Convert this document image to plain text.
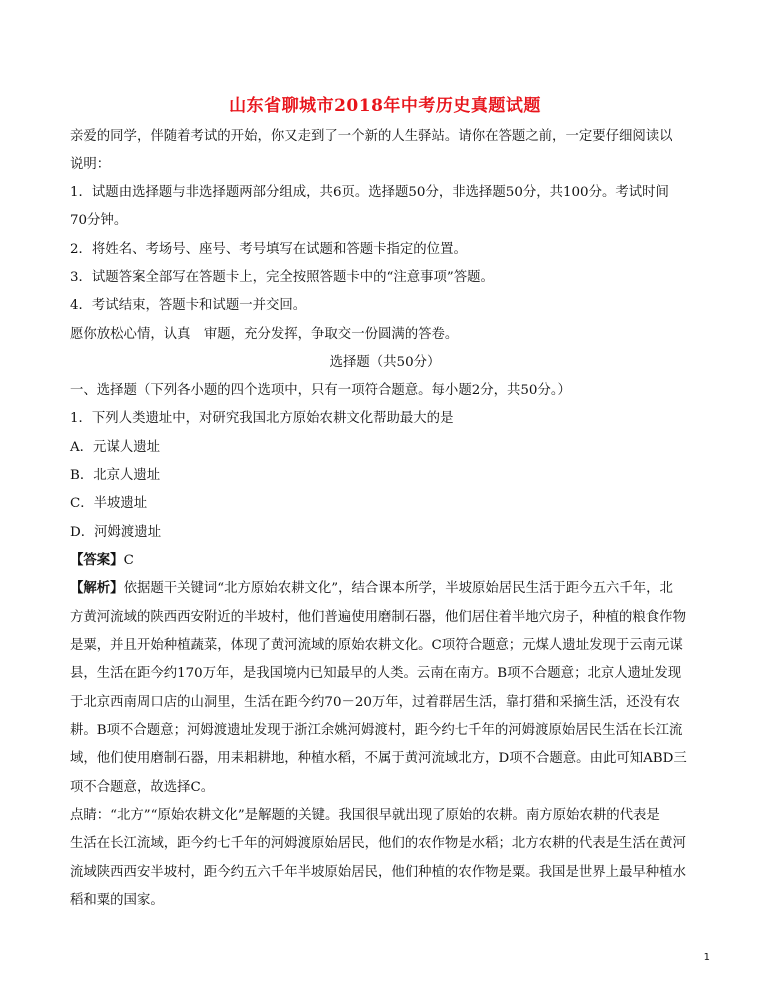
山东省聊城市2018年中考历史真题试题
亲爱的同学，伴随着考试的开始，你又走到了一个新的人生驿站。请你在答题之前，一定要仔细阅读以
说明：
1．试题由选择题与非选择题两部分组成，共6页。选择题50分，非选择题50分，共100分。考试时间
70分钟。
2．将姓名、考场号、座号、考号填写在试题和答题卡指定的位置。
3．试题答案全部写在答题卡上，完全按照答题卡中的“注意事项”答题。
4．考试结束，答题卡和试题一并交回。
愿你放松心情，认真　审题，充分发挥，争取交一份圆满的答卷。
选择题（共50分）
一、选择题（下列各小题的四个选项中，只有一项符合题意。每小题2分，共50分。）
1．下列人类遗址中，对研究我国北方原始农耕文化帮助最大的是
A．元谋人遗址
B．北京人遗址
C．半坡遗址
D．河姆渡遗址
【答案】C
【解析】依据题干关键词“北方原始农耕文化”，结合课本所学，半坡原始居民生活于距今五六千年，北
方黄河流域的陕西西安附近的半坡村，他们普遍使用磨制石器，他们居住着半地穴房子，种植的粮食作物
是粟，并且开始种植蔬菜，体现了黄河流域的原始农耕文化。C项符合题意；元煤人遗址发现于云南元谋
县，生活在距今约170万年，是我国境内已知最早的人类。云南在南方。B项不合题意；北京人遗址发现
于北京西南周口店的山洞里，生活在距今约70－20万年，过着群居生活，靠打猎和采摘生活，还没有农
耕。B项不合题意；河姆渡遗址发现于浙江余姚河姆渡村，距今约七千年的河姆渡原始居民生活在长江流
域，他们使用磨制石器，用耒耜耕地，种植水稻，不属于黄河流域北方，D项不合题意。由此可知ABD三
项不合题意，故选择C。
点睛：“北方”“原始农耕文化”是解题的关键。我国很早就出现了原始的农耕。南方原始农耕的代表是
生活在长江流域，距今约七千年的河姆渡原始居民，他们的农作物是水稻；北方农耕的代表是生活在黄河
流域陕西西安半坡村，距今约五六千年半坡原始居民，他们种植的农作物是粟。我国是世界上最早种植水
稻和粟的国家。
1
